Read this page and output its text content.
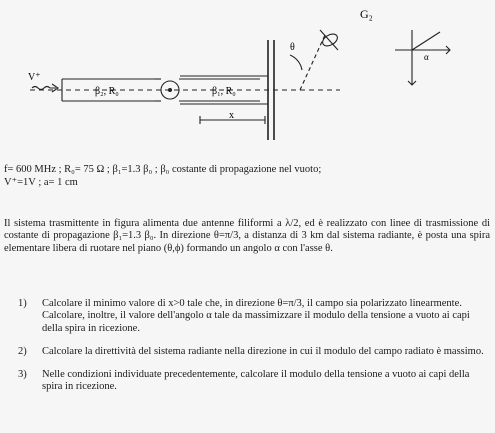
V⁺
β₂, R₀	β₁, R₀
x
G₂
θ
α
f= 600 MHz ; R₀= 75 Ω ; β₁=1.3 β₀ ; β₀ costante di propagazione nel vuoto;
V⁺=1V ; a= 1 cm
Il sistema trasmittente in figura alimenta due antenne filiformi a λ/2, ed è realizzato con linee di trasmissione di costante di propagazione β₁=1.3 β₀. In direzione θ=π/3, a distanza di 3 km dal sistema radiante, è posta una spira elementare libera di ruotare nel piano (θ,ϕ) formando un angolo α con l'asse θ.
1) Calcolare il minimo valore di x>0 tale che, in direzione θ=π/3, il campo sia polarizzato linearmente. Calcolare, inoltre, il valore dell'angolo α tale da massimizzare il modulo della tensione a vuoto ai capi della spira in ricezione.
2) Calcolare la direttività del sistema radiante nella direzione in cui il modulo del campo radiato è massimo.
3) Nelle condizioni individuate precedentemente, calcolare il modulo della tensione a vuoto ai capi della spira in ricezione.
